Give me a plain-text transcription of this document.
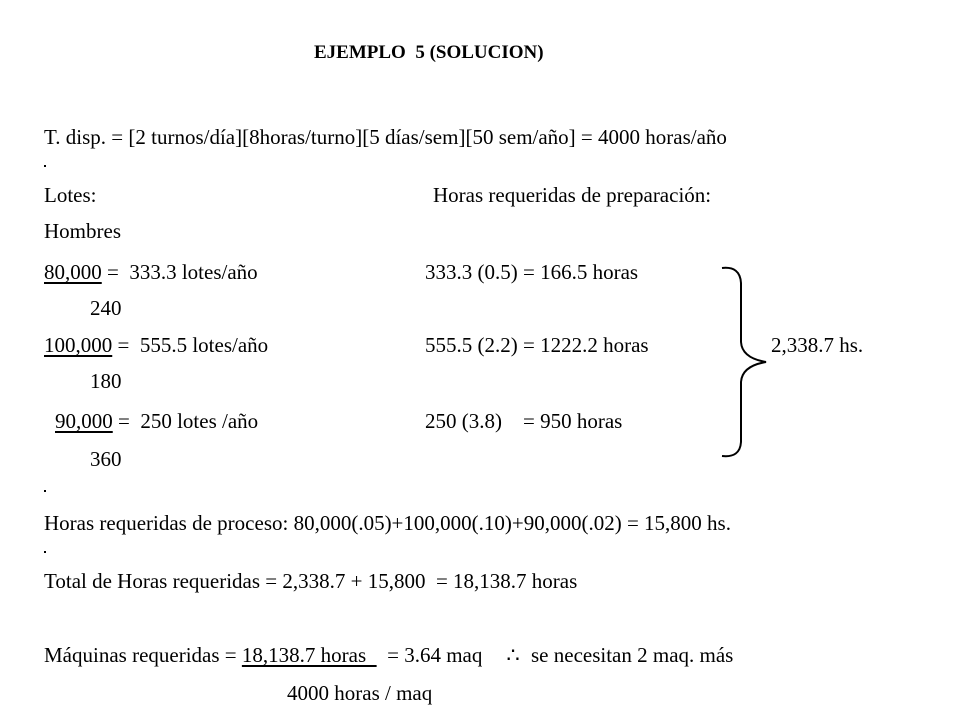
EJEMPLO  5 (SOLUCION)
T. disp. = [2 turnos/día][8horas/turno][5 días/sem][50 sem/año] = 4000 horas/año
Lotes:	Horas requeridas de preparación:
Hombres
80,000 =  333.3 lotes/año	333.3 (0.5) = 166.5 horas
240
100,000 =  555.5 lotes/año	555.5 (2.2) = 1222.2 horas	2,338.7 hs.
180
90,000 =  250 lotes /año	250 (3.8)    = 950 horas
360
Horas requeridas de proceso: 80,000(.05)+100,000(.10)+90,000(.02) = 15,800 hs.
Total de Horas requeridas = 2,338.7 + 15,800  = 18,138.7 horas
Máquinas requeridas = 18,138.7 horas    = 3.64 maq ∴ se necesitan 2 maq. más
4000 horas / maq
